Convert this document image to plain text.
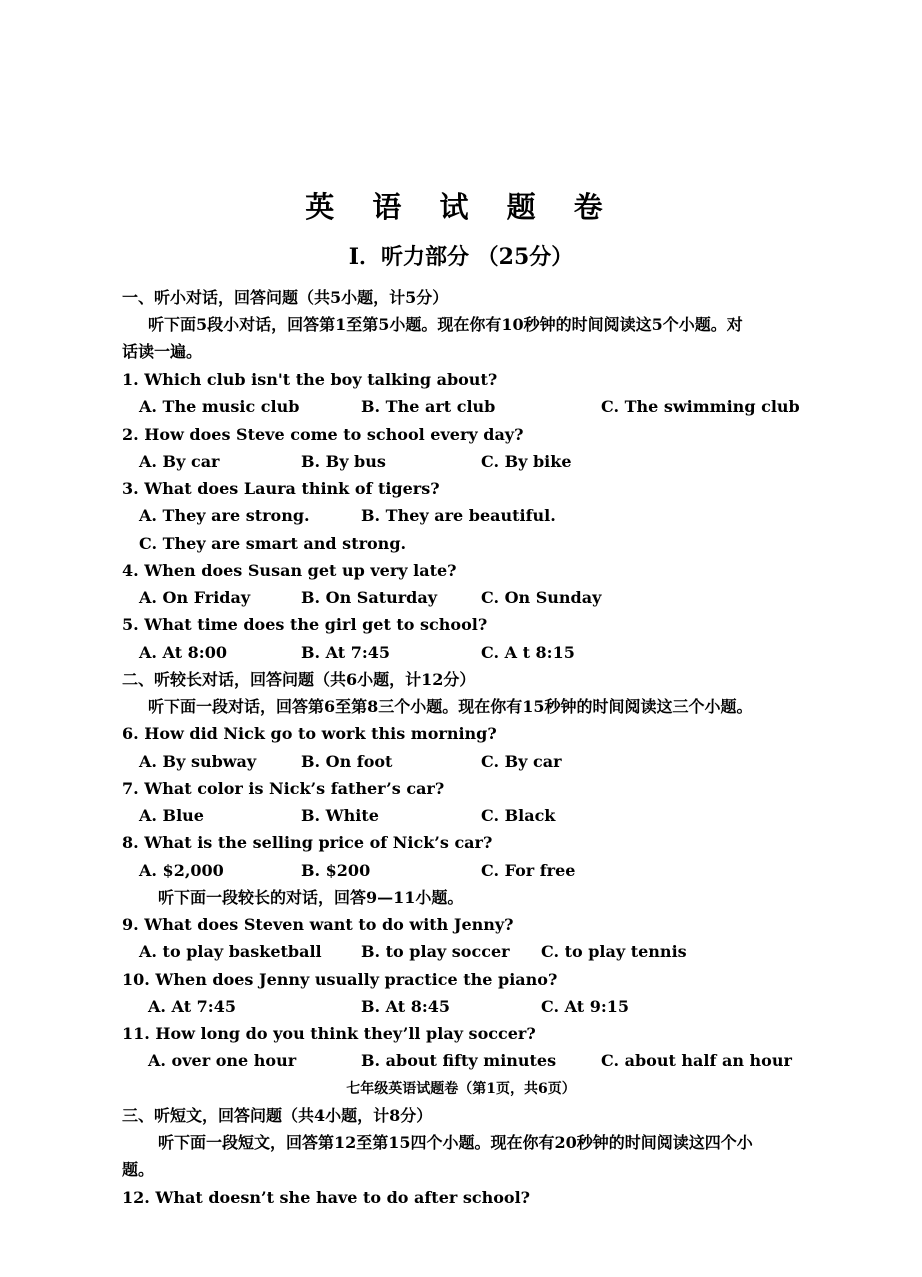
英 语 试 题 卷
Ⅰ．听力部分 （25分）
一、听小对话，回答问题（共5小题，计5分）
听下面5段小对话，回答第1至第5小题。现在你有10秒钟的时间阅读这5个小题。对
话读一遍。
1. Which club isn't the boy talking about?
A. The music club	B. The art club	C. The swimming club
2. How does Steve come to school every day?
A. By car	B. By bus	C. By bike
3. What does Laura think of tigers?
A. They are strong.	B. They are beautiful.
C. They are smart and strong.
4. When does Susan get up very late?
A. On Friday	B. On Saturday	C. On Sunday
5. What time does the girl get to school?
A. At 8:00	B. At 7:45	C. A t 8:15
二、听较长对话，回答问题（共6小题，计12分）
听下面一段对话，回答第6至第8三个小题。现在你有15秒钟的时间阅读这三个小题。
6. How did Nick go to work this morning?
A. By subway	B. On foot	C. By car
7. What color is Nick’s father’s car?
A. Blue	B. White	C. Black
8. What is the selling price of Nick’s car?
A. $2,000	B. $200	C. For free
听下面一段较长的对话，回答9—11小题。
9. What does Steven want to do with Jenny?
A. to play basketball B. to play soccer C. to play tennis
10. When does Jenny usually practice the piano?
A. At 7:45	B. At 8:45	C. At 9:15
11. How long do you think they’ll play soccer?
A. over one hour	B. about fifty minutes	C. about half an hour
七年级英语试题卷（第1页，共6页）
三、听短文，回答问题（共4小题，计8分）
听下面一段短文，回答第12至第15四个小题。现在你有20秒钟的时间阅读这四个小
题。
12. What doesn’t she have to do after school?
